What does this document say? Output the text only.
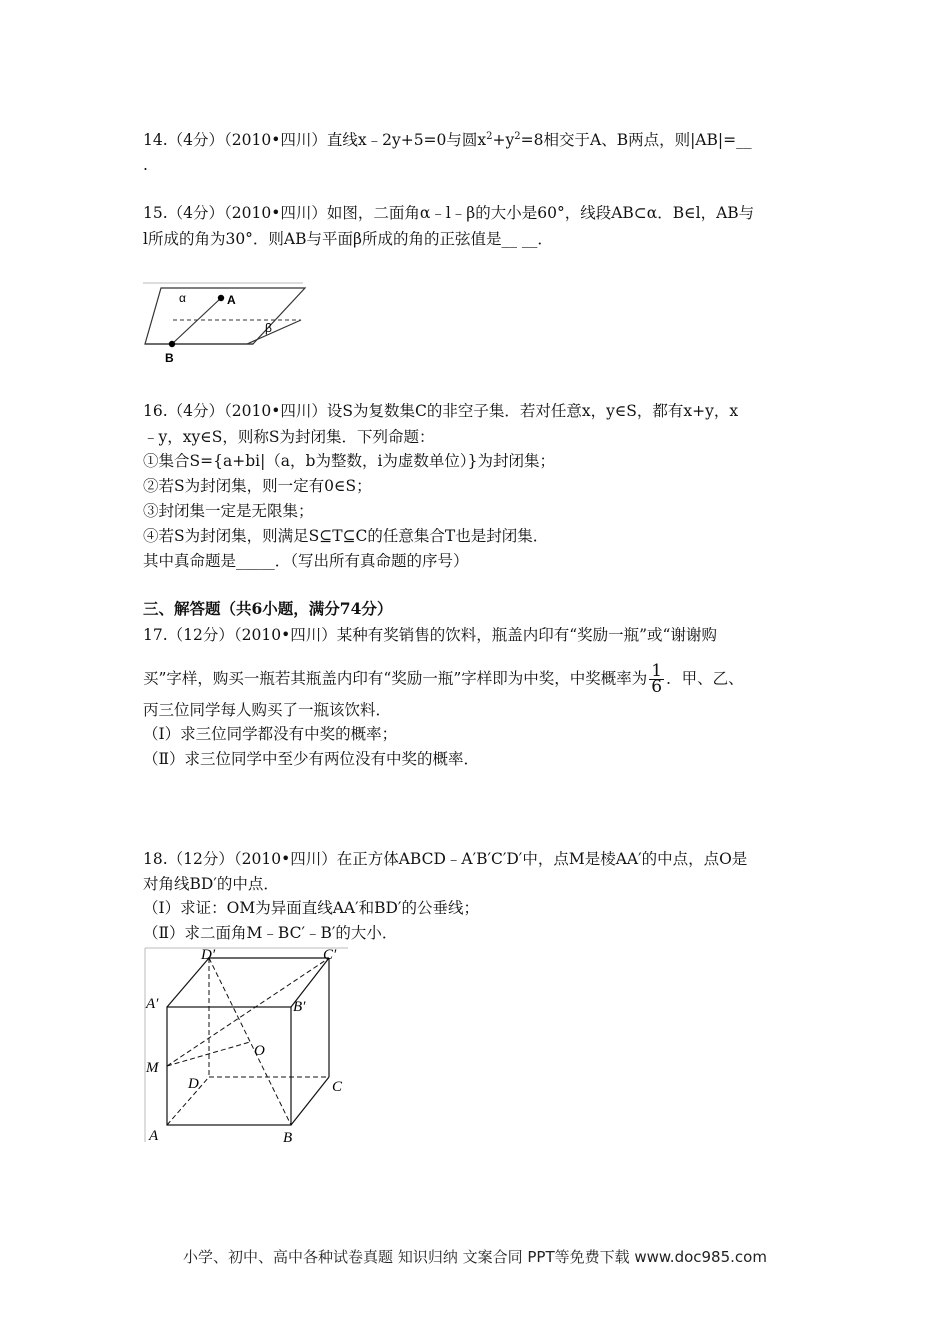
14.（4分）（2010•四川）直线x﹣2y+5=0与圆$x^2+y^2=8$相交于A、B两点，则|AB|=__
.
15.（4分）（2010•四川）如图，二面角α﹣l﹣β的大小是60°，线段AB⊂α．B∈l，AB与
l所成的角为30°．则AB与平面β所成的角的正弦值是__ __．
α	A
β
B
16.（4分）（2010•四川）设S为复数集C的非空子集．若对任意x，y∈S，都有x+y，x
﹣y，xy∈S，则称S为封闭集．下列命题：
①集合S={a+bi|（a，b为整数，i为虚数单位）}为封闭集；
②若S为封闭集，则一定有0∈S；
③封闭集一定是无限集；
④若S为封闭集，则满足S⊆T⊆C的任意集合T也是封闭集．
其中真命题是_____．（写出所有真命题的序号）
三、解答题（共6小题，满分74分）
17.（12分）（2010•四川）某种有奖销售的饮料，瓶盖内印有“奖励一瓶”或“谢谢购
买”字样，购买一瓶若其瓶盖内印有“奖励一瓶”字样即为中奖，中奖概率为 $\frac{1}{6}$ ．甲、乙、
丙三位同学每人购买了一瓶该饮料．
（Ⅰ）求三位同学都没有中奖的概率；
（Ⅱ）求三位同学中至少有两位没有中奖的概率．
18.（12分）（2010•四川）在正方体ABCD﹣A′B′C′D′中，点M是棱AA′的中点，点O是
对角线BD′的中点．
（Ⅰ）求证：OM为异面直线AA′和BD′的公垂线；
（Ⅱ）求二面角M﹣BC′﹣B′的大小．
D′	C′
A′	B′
M
O
D	C
A	B
小学、初中、高中各种试卷真题 知识归纳 文案合同 PPT等免费下载 www.doc985.com
